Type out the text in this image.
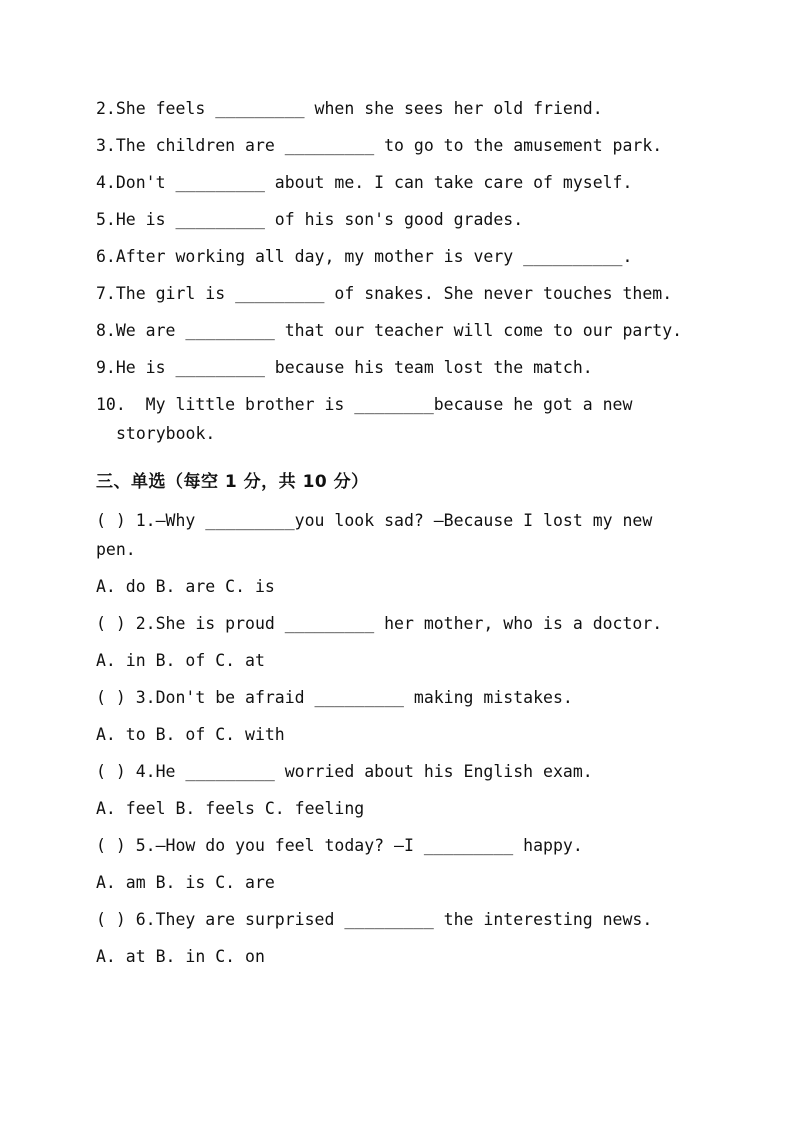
2.She feels _________ when she sees her old friend.
3.The children are _________ to go to the amusement park.
4.Don't _________ about me. I can take care of myself.
5.He is _________ of his son's good grades.
6.After working all day, my mother is very __________.
7.The girl is _________ of snakes. She never touches them.
8.We are _________ that our teacher will come to our party.
9.He is _________ because his team lost the match.
10.  My little brother is ________because he got a new
storybook.
三、单选（每空 1 分，共 10 分）
( ) 1.—Why _________you look sad? —Because I lost my new
pen.
A. do B. are C. is
( ) 2.She is proud _________ her mother, who is a doctor.
A. in B. of C. at
( ) 3.Don't be afraid _________ making mistakes.
A. to B. of C. with
( ) 4.He _________ worried about his English exam.
A. feel B. feels C. feeling
( ) 5.—How do you feel today? —I _________ happy.
A. am B. is C. are
( ) 6.They are surprised _________ the interesting news.
A. at B. in C. on
